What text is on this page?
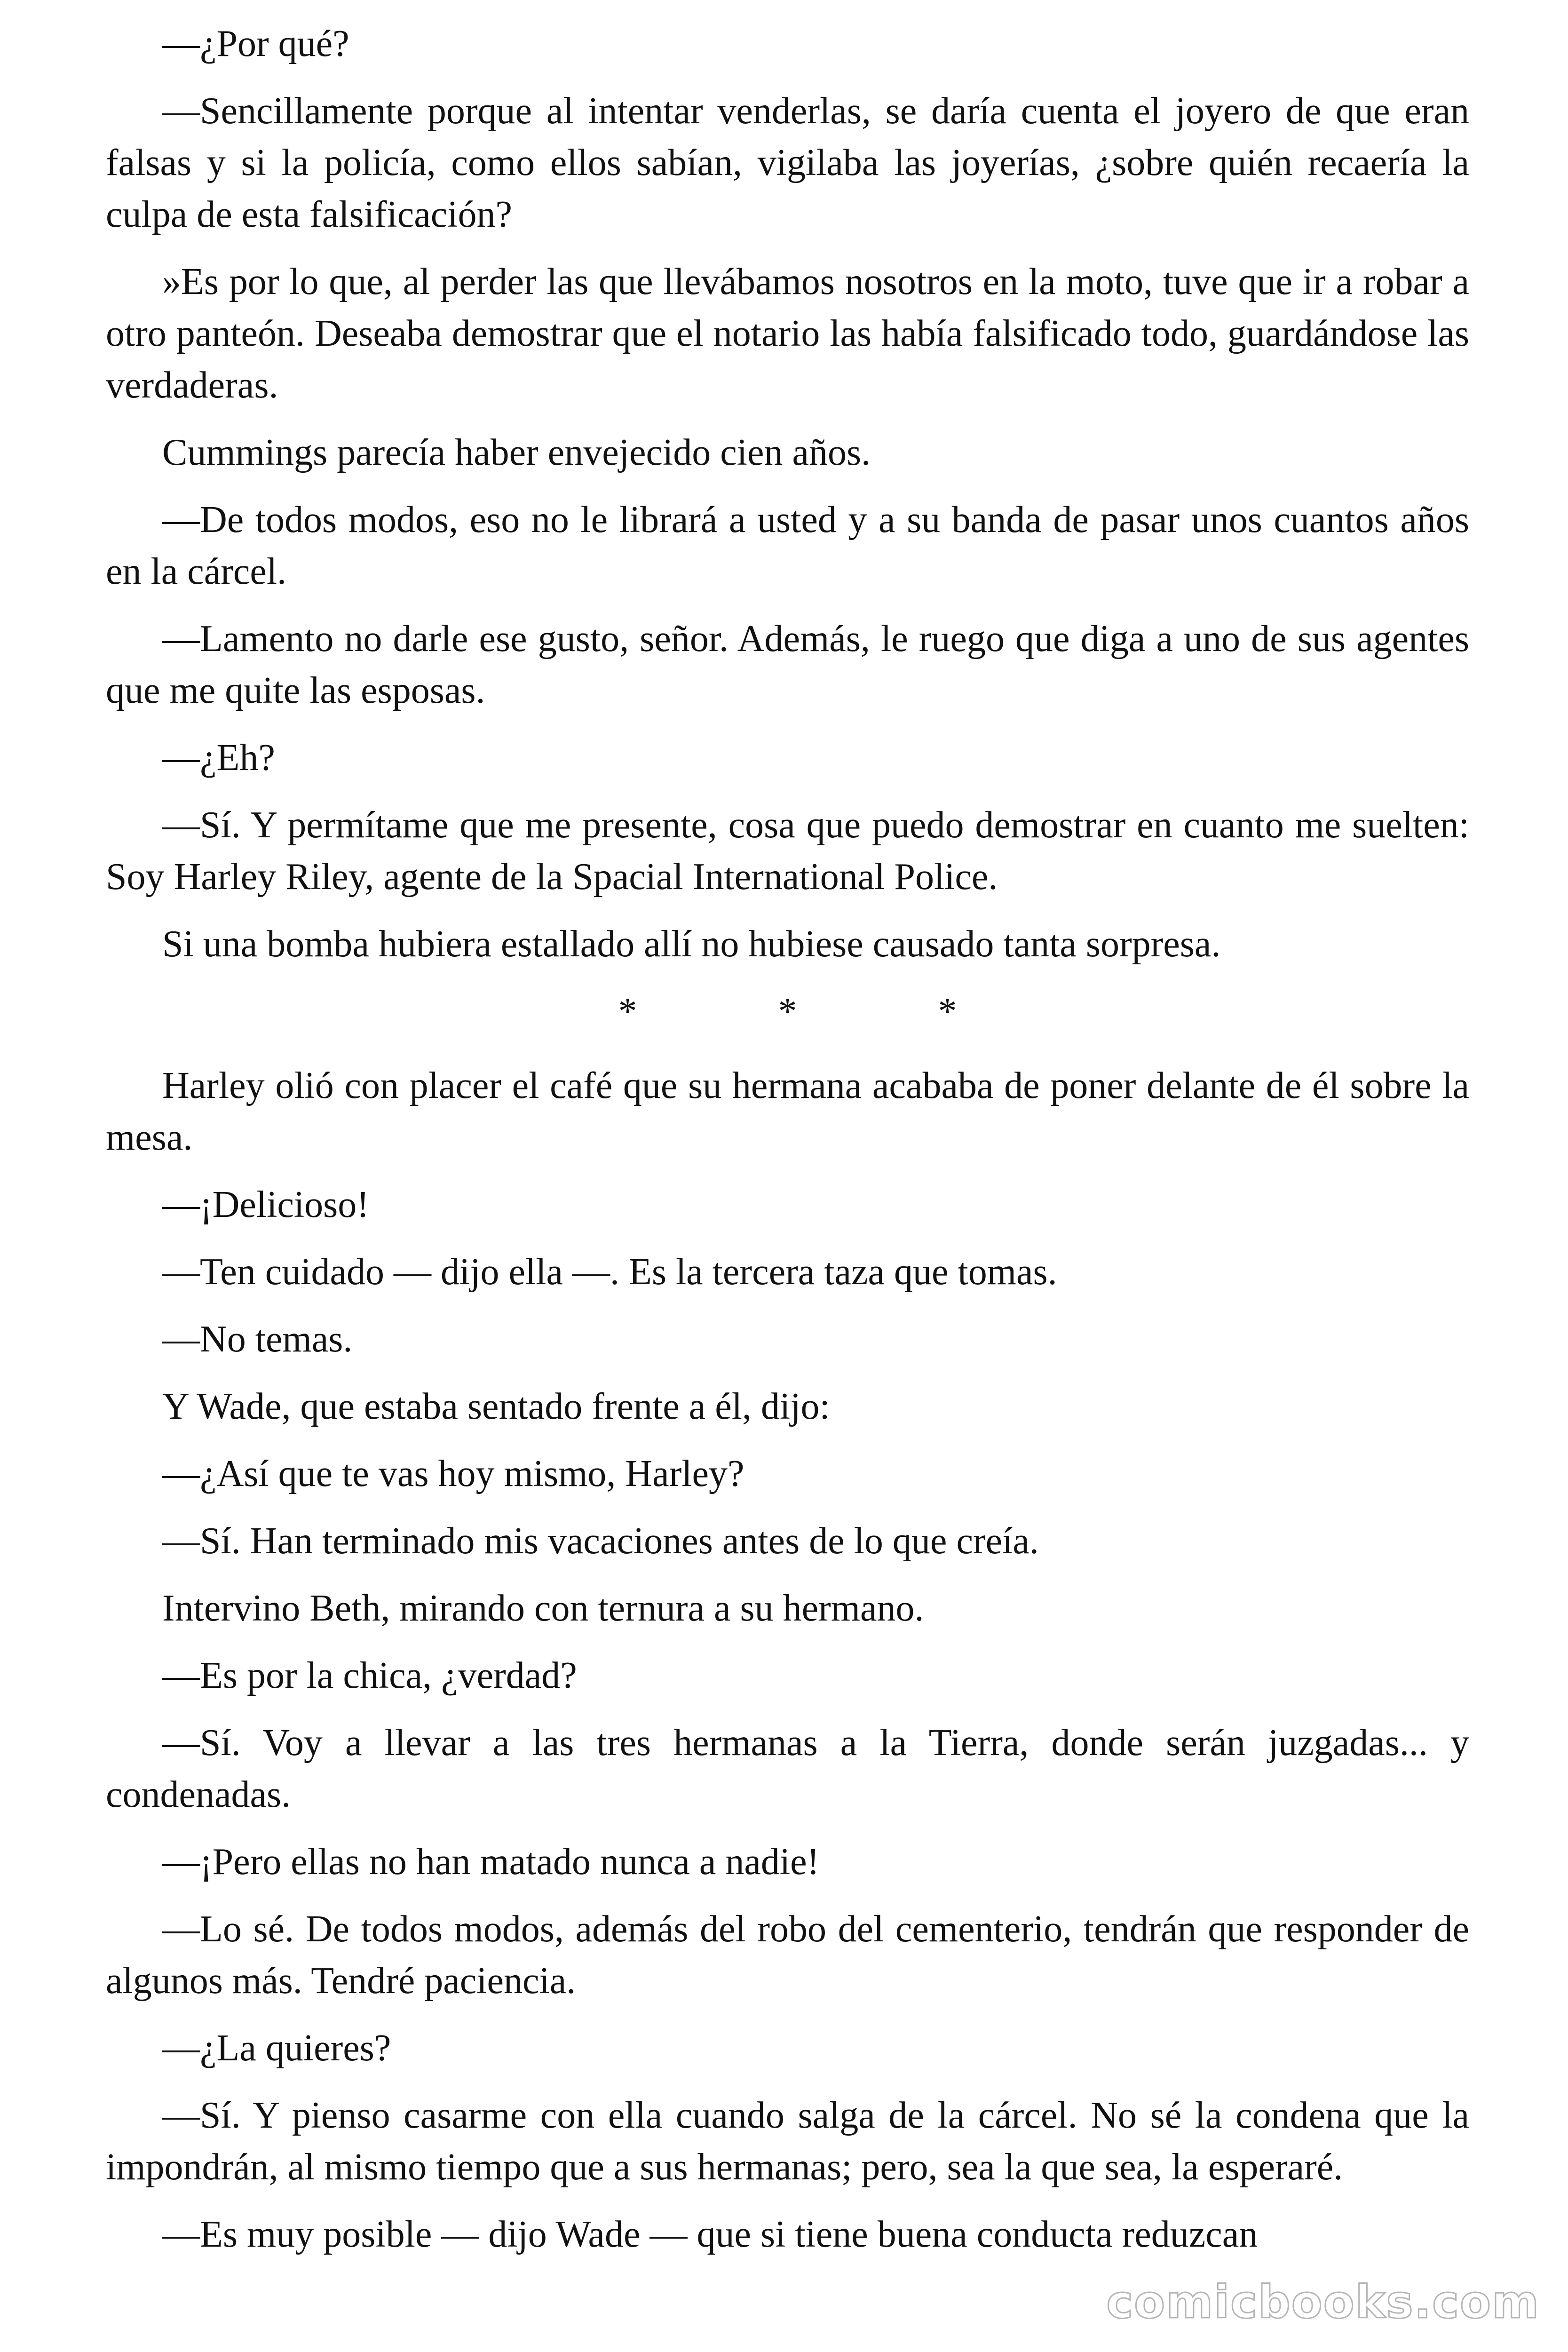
—¿Por qué?

—Sencillamente porque al intentar venderlas, se daría cuenta el joyero de que eran falsas y si la policía, como ellos sabían, vigilaba las joyerías, ¿sobre quién recaería la culpa de esta falsificación?

»Es por lo que, al perder las que llevábamos nosotros en la moto, tuve que ir a robar a otro panteón. Deseaba demostrar que el notario las había falsificado todo, guardándose las verdaderas.

Cummings parecía haber envejecido cien años.

—De todos modos, eso no le librará a usted y a su banda de pasar unos cuantos años en la cárcel.

—Lamento no darle ese gusto, señor. Además, le ruego que diga a uno de sus agentes que me quite las esposas.

—¿Eh?

—Sí. Y permítame que me presente, cosa que puedo demostrar en cuanto me suelten: Soy Harley Riley, agente de la Spacial International Police.

Si una bomba hubiera estallado allí no hubiese causado tanta sorpresa.

* * *

Harley olió con placer el café que su hermana acababa de poner delante de él sobre la mesa.

—¡Delicioso!

—Ten cuidado — dijo ella —. Es la tercera taza que tomas.

—No temas.

Y Wade, que estaba sentado frente a él, dijo:

—¿Así que te vas hoy mismo, Harley?

—Sí. Han terminado mis vacaciones antes de lo que creía.

Intervino Beth, mirando con ternura a su hermano.

—Es por la chica, ¿verdad?

—Sí. Voy a llevar a las tres hermanas a la Tierra, donde serán juzgadas... y condenadas.

—¡Pero ellas no han matado nunca a nadie!

—Lo sé. De todos modos, además del robo del cementerio, tendrán que responder de algunos más. Tendré paciencia.

—¿La quieres?

—Sí. Y pienso casarme con ella cuando salga de la cárcel. No sé la condena que la impondrán, al mismo tiempo que a sus hermanas; pero, sea la que sea, la esperaré.

—Es muy posible — dijo Wade — que si tiene buena conducta reduzcan

comicbooks.com
